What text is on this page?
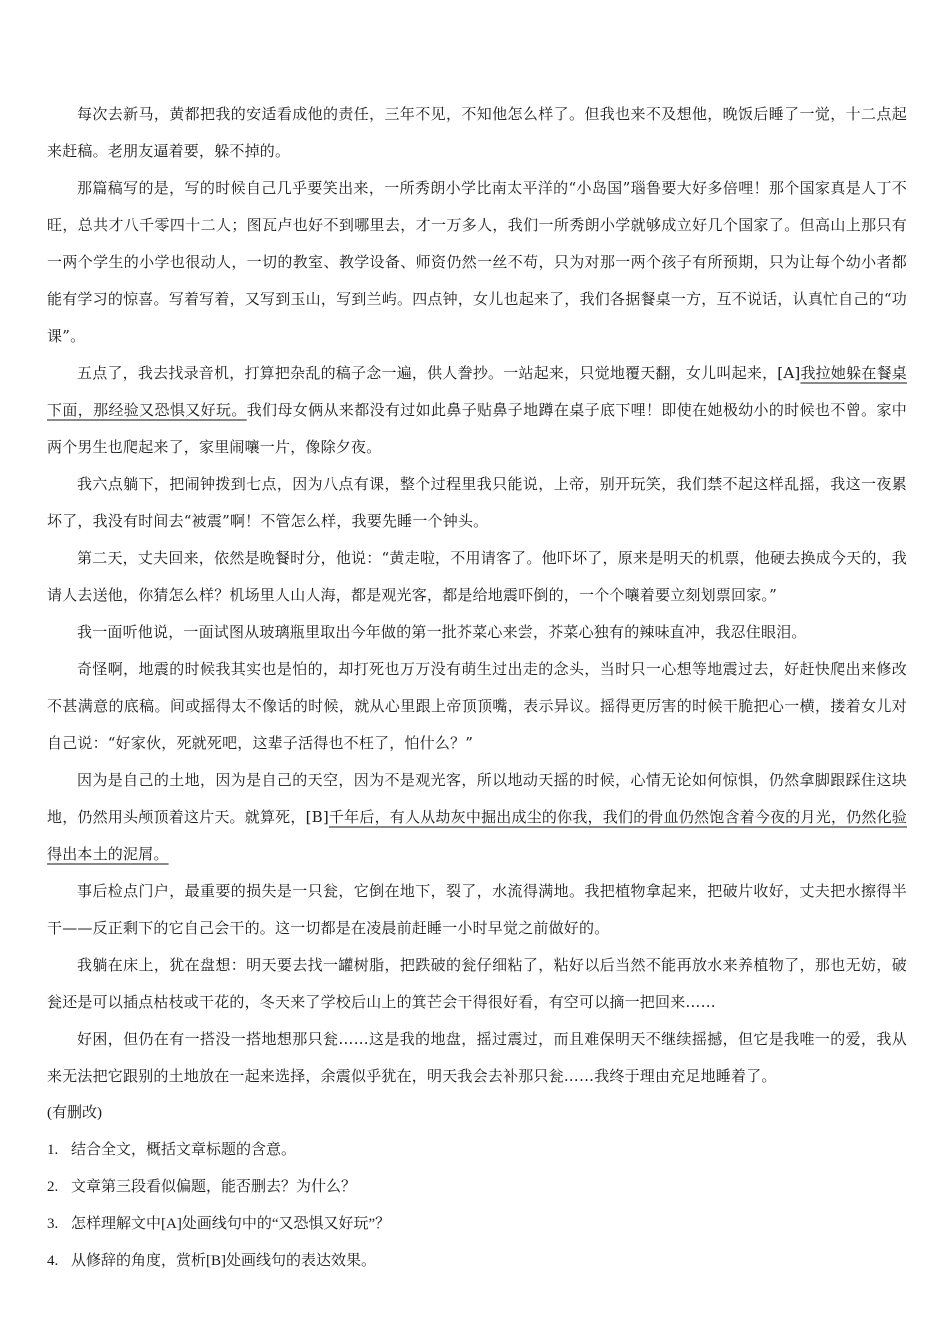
每次去新马，黄都把我的安适看成他的责任，三年不见，不知他怎么样了。但我也来不及想他，晚饭后睡了一觉，十二点起来赶稿。老朋友逼着要，躲不掉的。

那篇稿写的是，写的时候自己几乎要笑出来，一所秀朗小学比南太平洋的“小岛国”瑙鲁要大好多倍哩！那个国家真是人丁不旺，总共才八千零四十二人；图瓦卢也好不到哪里去，才一万多人，我们一所秀朗小学就够成立好几个国家了。但高山上那只有一两个学生的小学也很动人，一切的教室、教学设备、师资仍然一丝不苟，只为对那一两个孩子有所预期，只为让每个幼小者都能有学习的惊喜。写着写着，又写到玉山，写到兰屿。四点钟，女儿也起来了，我们各据餐桌一方，互不说话，认真忙自己的“功课”。

五点了，我去找录音机，打算把杂乱的稿子念一遍，供人誊抄。一站起来，只觉地覆天翻，女儿叫起来，[A]我拉她躲在餐桌下面，那经验又恐惧又好玩。我们母女俩从来都没有过如此鼻子贴鼻子地蹲在桌子底下哩！即使在她极幼小的时候也不曾。家中两个男生也爬起来了，家里闹嚷一片，像除夕夜。

我六点躺下，把闹钟拨到七点，因为八点有课，整个过程里我只能说，上帝，别开玩笑，我们禁不起这样乱摇，我这一夜累坏了，我没有时间去“被震”啊！不管怎么样，我要先睡一个钟头。

第二天，丈夫回来，依然是晚餐时分，他说：“黄走啦，不用请客了。他吓坏了，原来是明天的机票，他硬去换成今天的，我请人去送他，你猜怎么样？机场里人山人海，都是观光客，都是给地震吓倒的，一个个嚷着要立刻划票回家。”

我一面听他说，一面试图从玻璃瓶里取出今年做的第一批芥菜心来尝，芥菜心独有的辣味直冲，我忍住眼泪。

奇怪啊，地震的时候我其实也是怕的，却打死也万万没有萌生过出走的念头，当时只一心想等地震过去，好赶快爬出来修改不甚满意的底稿。间或摇得太不像话的时候，就从心里跟上帝顶顶嘴，表示异议。摇得更厉害的时候干脆把心一横，搂着女儿对自己说：“好家伙，死就死吧，这辈子活得也不枉了，怕什么？”

因为是自己的土地，因为是自己的天空，因为不是观光客，所以地动天摇的时候，心情无论如何惊惧，仍然拿脚跟踩住这块地，仍然用头颅顶着这片天。就算死，[B]千年后，有人从劫灰中掘出成尘的你我，我们的骨血仍然饱含着今夜的月光，仍然化验得出本土的泥屑。

事后检点门户，最重要的损失是一只瓮，它倒在地下，裂了，水流得满地。我把植物拿起来，把破片收好，丈夫把水擦得半干——反正剩下的它自己会干的。这一切都是在凌晨前赶睡一小时早觉之前做好的。

我躺在床上，犹在盘想：明天要去找一罐树脂，把跌破的瓮仔细粘了，粘好以后当然不能再放水来养植物了，那也无妨，破瓮还是可以插点枯枝或干花的，冬天来了学校后山上的箕芒会干得很好看，有空可以摘一把回来……

好困，但仍在有一搭没一搭地想那只瓮……这是我的地盘，摇过震过，而且难保明天不继续摇撼，但它是我唯一的爱，我从来无法把它跟别的土地放在一起来选择，余震似乎犹在，明天我会去补那只瓮……我终于理由充足地睡着了。

(有删改)

1. 结合全文，概括文章标题的含意。

2. 文章第三段看似偏题，能否删去？为什么？

3. 怎样理解文中[A]处画线句中的“又恐惧又好玩”？

4. 从修辞的角度，赏析[B]处画线句的表达效果。
